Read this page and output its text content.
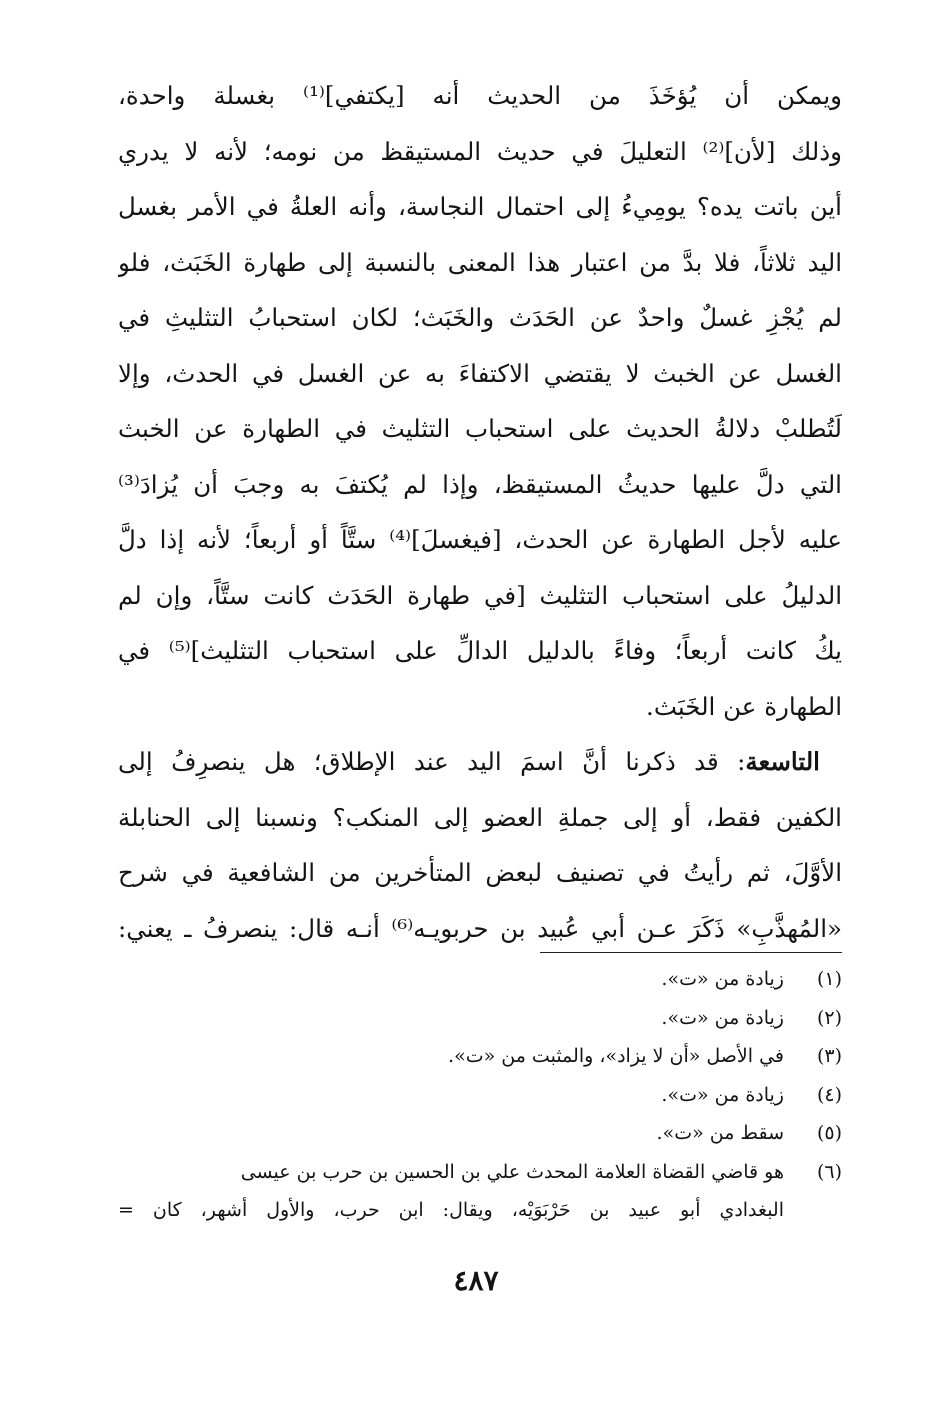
ويمكن أن يُؤخَذَ من الحديث أنه [يكتفي]⁽¹⁾ بغسلة واحدة،
وذلك [لأن]⁽²⁾ التعليلَ في حديث المستيقظ من نومه؛ لأنه لا يدري
أين باتت يده؟ يومِيءُ إلى احتمال النجاسة، وأنه العلةُ في الأمر بغسل
اليد ثلاثاً، فلا بدَّ من اعتبار هذا المعنى بالنسبة إلى طهارة الخَبَث، فلو
لم يُجْزِ غسلٌ واحدٌ عن الحَدَث والخَبَث؛ لكان استحبابُ التثليثِ في
الغسل عن الخبث لا يقتضي الاكتفاءَ به عن الغسل في الحدث، وإلا
لَتُطلبْ دلالةُ الحديث على استحباب التثليث في الطهارة عن الخبث
التي دلَّ عليها حديثُ المستيقظ، وإذا لم يُكتفَ به وجبَ أن يُزادَ⁽³⁾
عليه لأجل الطهارة عن الحدث، [فيغسلَ]⁽⁴⁾ ستَّاً أو أربعاً؛ لأنه إذا دلَّ
الدليلُ على استحباب التثليث [في طهارة الحَدَث كانت ستَّاً، وإن لم
يكُ كانت أربعاً؛ وفاءً بالدليل الدالِّ على استحباب التثليث]⁽⁵⁾ في
الطهارة عن الخَبَث.
التاسعة: قد ذكرنا أنَّ اسمَ اليد عند الإطلاق؛ هل ينصرِفُ إلى
الكفين فقط، أو إلى جملةِ العضو إلى المنكب؟ ونسبنا إلى الحنابلة
الأوَّلَ، ثم رأيتُ في تصنيف لبعض المتأخرين من الشافعية في شرح
«المُهذَّبِ» ذَكَرَ عـن أبي عُبيد بن حربويـه⁽⁶⁾ أنـه قال: ينصرفُ ـ يعني:
(١)
زيادة من «ت».
(٢)
زيادة من «ت».
(٣)
في الأصل «أن لا يزاد»، والمثبت من «ت».
(٤)
زيادة من «ت».
(٥)
سقط من «ت».
(٦)
هو قاضي القضاة العلامة المحدث علي بن الحسين بن حرب بن عيسى
البغدادي أبو عبيد بن حَرْبَوَيْه، ويقال: ابن حرب، والأول أشهر، كان =
٤٨٧
